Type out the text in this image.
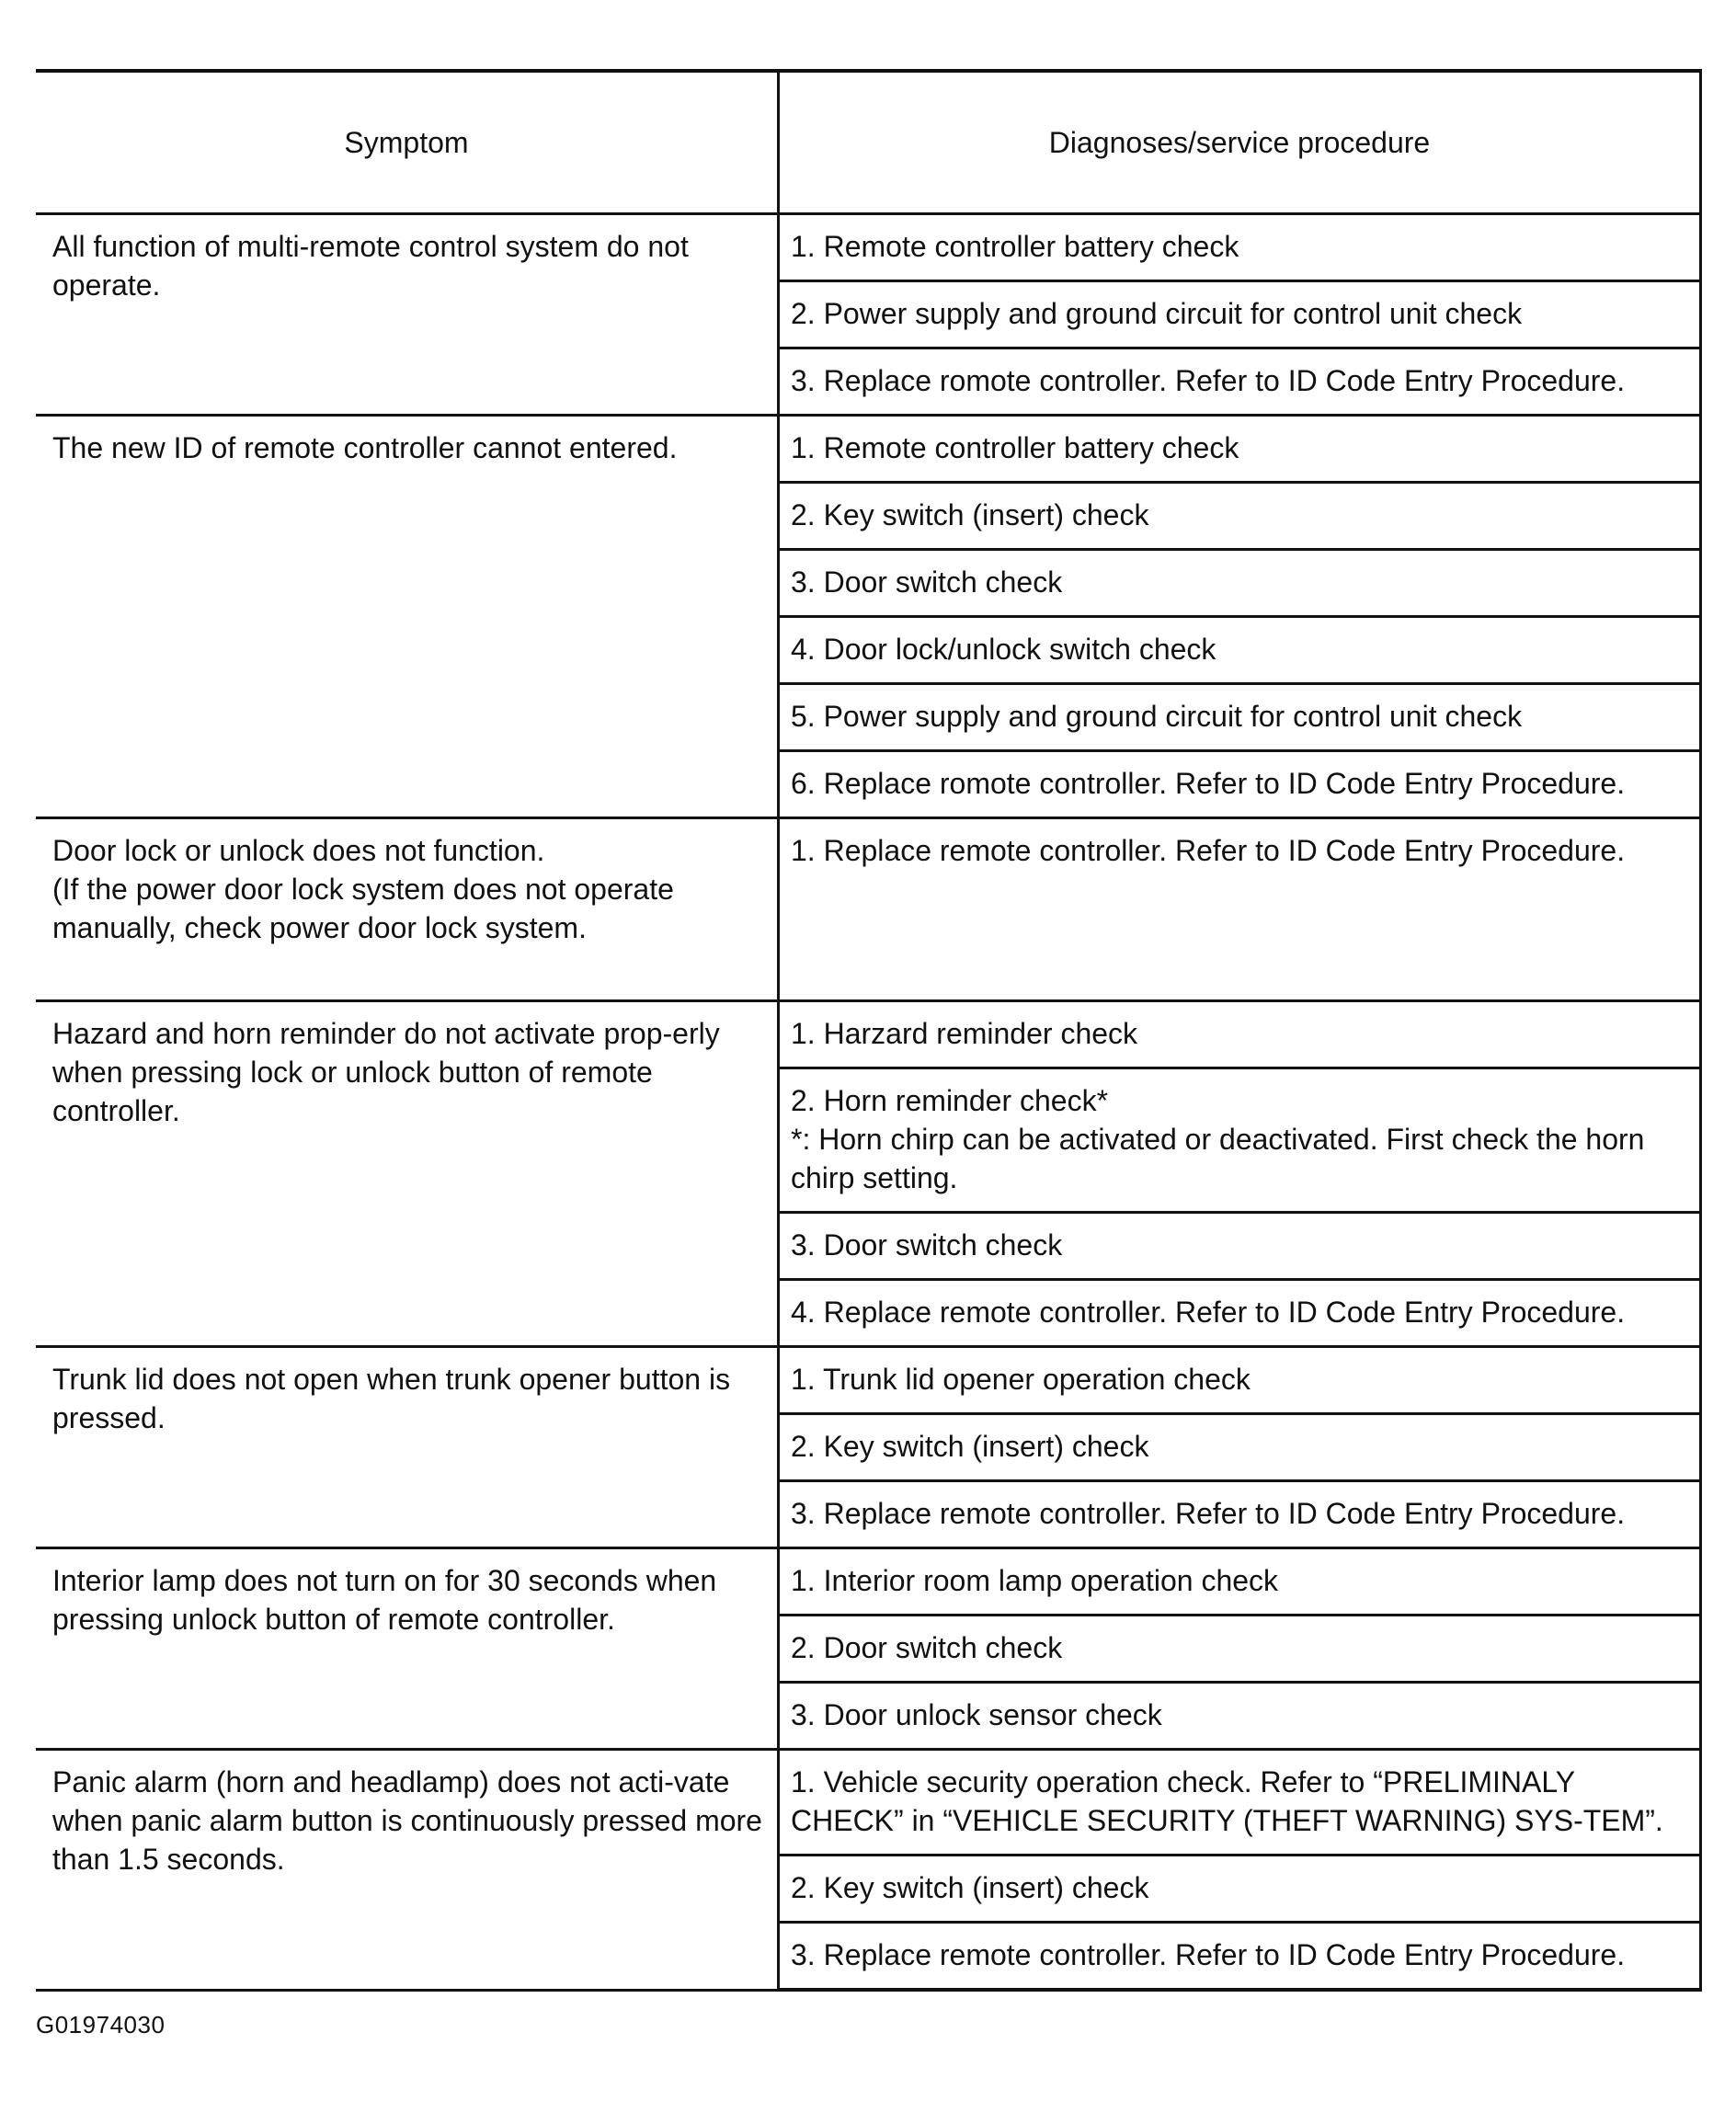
Symptom	Diagnoses/service procedure

All function of multi-remote control system do not operate.	1. Remote controller battery check

	2. Power supply and ground circuit for control unit check

	3. Replace romote controller. Refer to ID Code Entry Procedure.

The new ID of remote controller cannot entered.	1. Remote controller battery check

	2. Key switch (insert) check

	3. Door switch check

	4. Door lock/unlock switch check

	5. Power supply and ground circuit for control unit check

	6. Replace romote controller. Refer to ID Code Entry Procedure.

Door lock or unlock does not function.
(If the power door lock system does not operate manually, check power door lock system.	1. Replace remote controller. Refer to ID Code Entry Procedure.

Hazard and horn reminder do not activate prop-erly when pressing lock or unlock button of remote controller.	1. Harzard reminder check

	2. Horn reminder check*
*: Horn chirp can be activated or deactivated. First check the horn chirp setting.

	3. Door switch check

	4. Replace remote controller. Refer to ID Code Entry Procedure.

Trunk lid does not open when trunk opener button is pressed.	1. Trunk lid opener operation check

	2. Key switch (insert) check

	3. Replace remote controller. Refer to ID Code Entry Procedure.

Interior lamp does not turn on for 30 seconds when pressing unlock button of remote controller.	1. Interior room lamp operation check

	2. Door switch check

	3. Door unlock sensor check

Panic alarm (horn and headlamp) does not acti-vate when panic alarm button is continuously pressed more than 1.5 seconds.	1. Vehicle security operation check. Refer to “PRELIMINALY CHECK” in “VEHICLE SECURITY (THEFT WARNING) SYS-TEM”.

	2. Key switch (insert) check

	3. Replace remote controller. Refer to ID Code Entry Procedure.
G01974030
